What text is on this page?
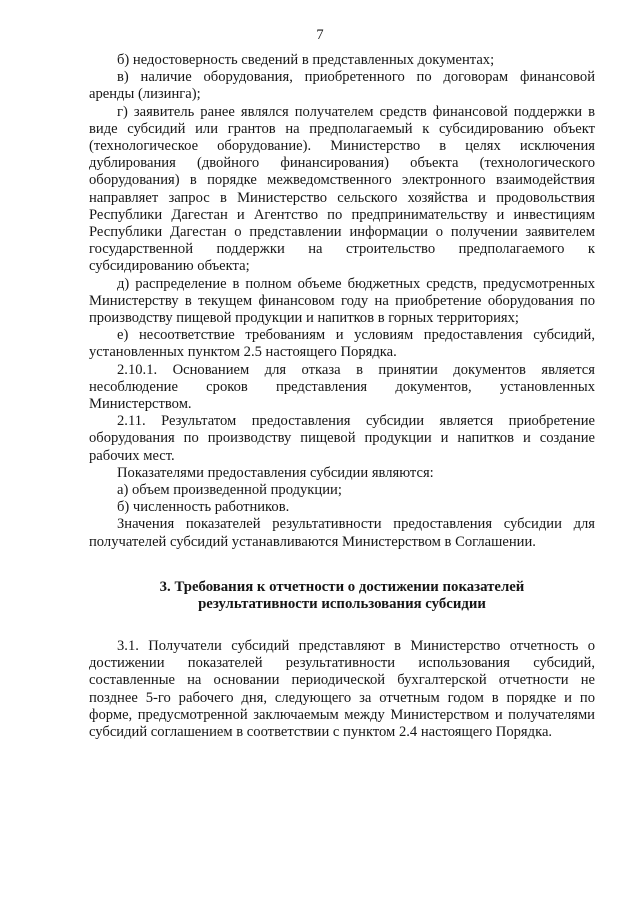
7

б) недостоверность сведений в представленных документах;

в) наличие оборудования, приобретенного по договорам финансовой аренды (лизинга);

г) заявитель ранее являлся получателем средств финансовой поддержки в виде субсидий или грантов на предполагаемый к субсидированию объект (технологическое оборудование). Министерство в целях исключения дублирования (двойного финансирования) объекта (технологического оборудования) в порядке межведомственного электронного взаимодействия направляет запрос в Министерство сельского хозяйства и продовольствия Республики Дагестан и Агентство по предпринимательству и инвестициям Республики Дагестан о представлении информации о получении заявителем государственной поддержки на строительство предполагаемого к субсидированию объекта;

д) распределение в полном объеме бюджетных средств, предусмотренных Министерству в текущем финансовом году на приобретение оборудования по производству пищевой продукции и напитков в горных территориях;

е) несоответствие требованиям и условиям предоставления субсидий, установленных пунктом 2.5 настоящего Порядка.

2.10.1. Основанием для отказа в принятии документов является несоблюдение сроков представления документов, установленных Министерством.

2.11. Результатом предоставления субсидии является приобретение оборудования по производству пищевой продукции и напитков и создание рабочих мест.

Показателями предоставления субсидии являются:

а) объем произведенной продукции;

б) численность работников.

Значения показателей результативности предоставления субсидии для получателей субсидий устанавливаются Министерством в Соглашении.

3. Требования к отчетности о достижении показателей
результативности использования субсидии

3.1. Получатели субсидий представляют в Министерство отчетность о достижении показателей результативности использования субсидий, составленные на основании периодической бухгалтерской отчетности не позднее 5-го рабочего дня, следующего за отчетным годом в порядке и по форме, предусмотренной заключаемым между Министерством и получателями субсидий соглашением в соответствии с пунктом 2.4 настоящего Порядка.
